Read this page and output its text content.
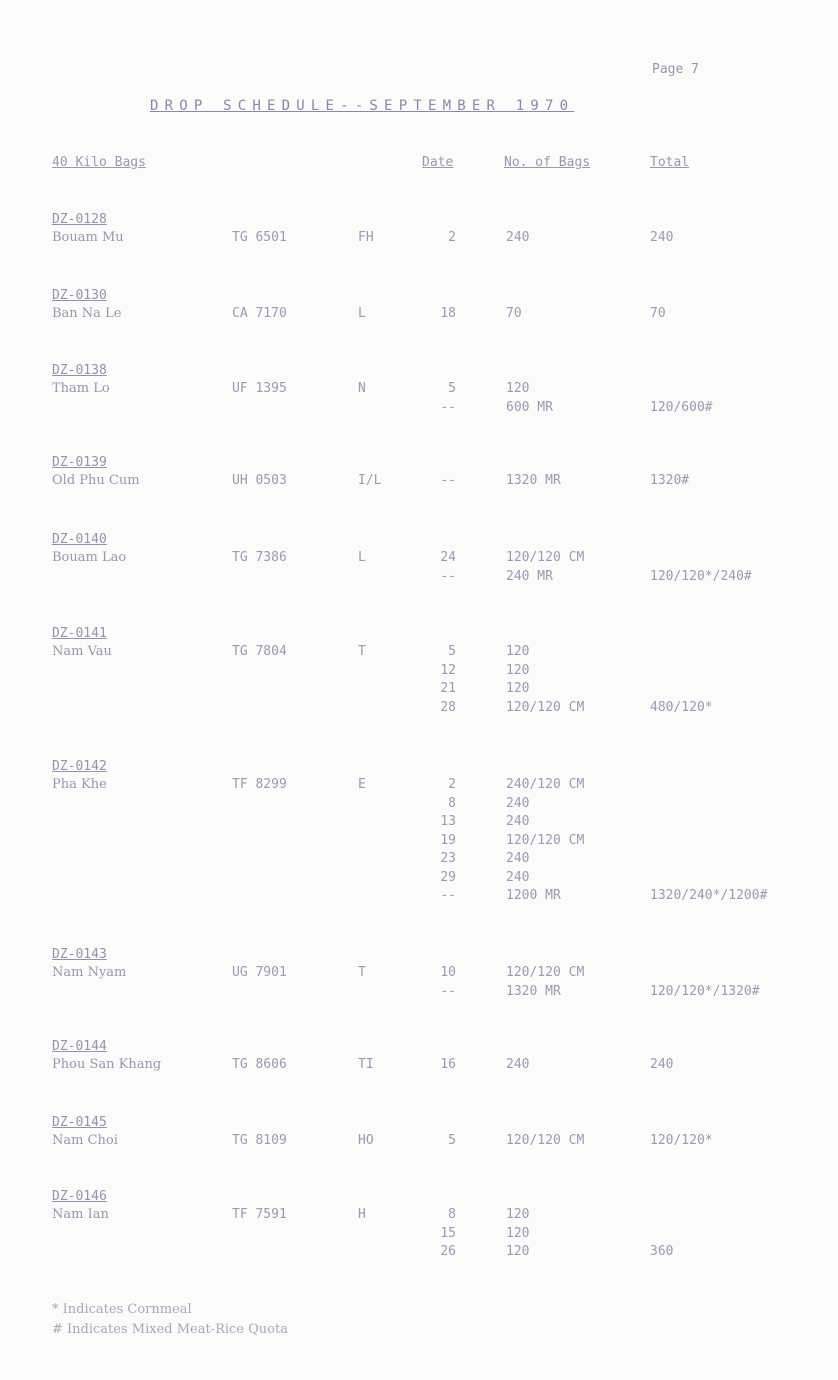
Page 7
DROP SCHEDULE--SEPTEMBER 1970
40 Kilo Bags	Date	No. of Bags	Total
DZ-0128
Bouam Mu	TG 6501	FH	2	240	240
DZ-0130
Ban Na Le	CA 7170	L	18	70	70
DZ-0138
Tham Lo	UF 1395	N	5	120
--	600 MR	120/600#
DZ-0139
Old Phu Cum	UH 0503	I/L	--	1320 MR	1320#
DZ-0140
Bouam Lao	TG 7386	L	24	120/120 CM
--	240 MR	120/120*/240#
DZ-0141
Nam Vau	TG 7804	T	5	120
12	120
21	120
28	120/120 CM	480/120*
DZ-0142
Pha Khe	TF 8299	E	2	240/120 CM
8	240
13	240
19	120/120 CM
23	240
29	240
--	1200 MR	1320/240*/1200#
DZ-0143
Nam Nyam	UG 7901	T	10	120/120 CM
--	1320 MR	120/120*/1320#
DZ-0144
Phou San Khang	TG 8606	TI	16	240	240
DZ-0145
Nam Choi	TG 8109	HO	5	120/120 CM	120/120*
DZ-0146
Nam Ian	TF 7591	H	8	120
15	120
26	120	360
* Indicates Cornmeal
# Indicates Mixed Meat-Rice Quota
